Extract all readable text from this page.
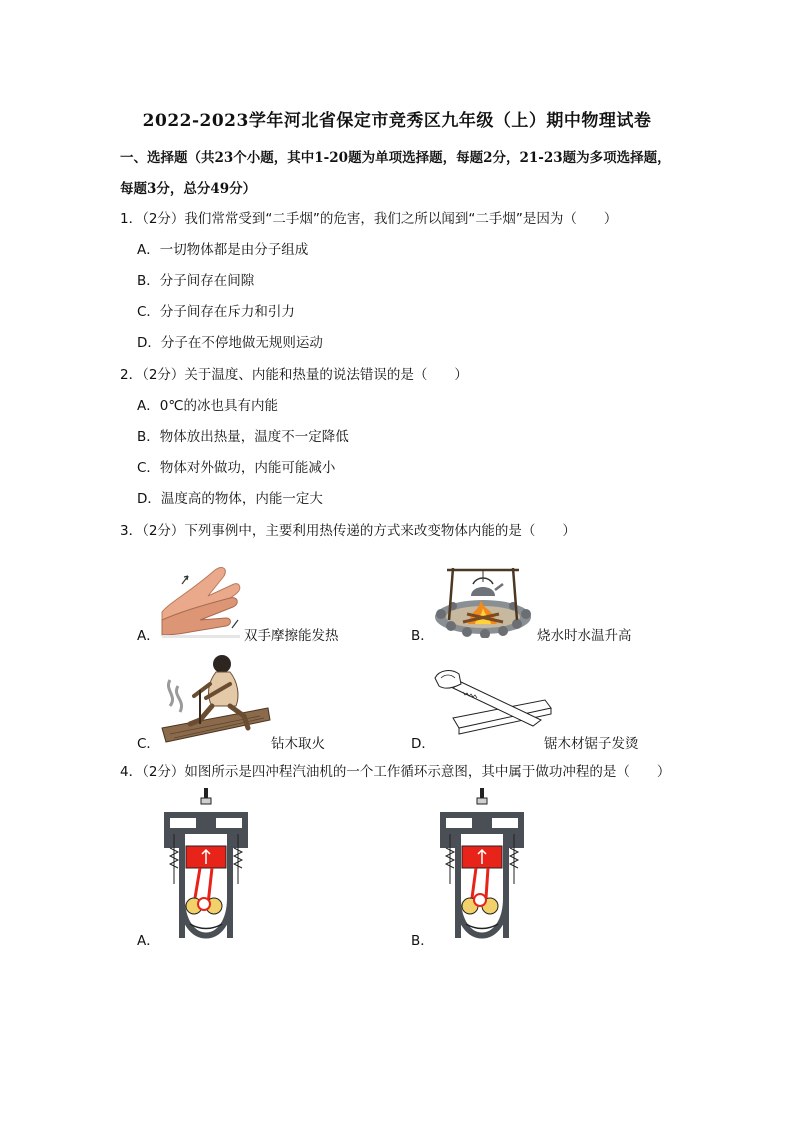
2022-2023学年河北省保定市竞秀区九年级（上）期中物理试卷
一、选择题（共23个小题，其中1-20题为单项选择题，每题2分，21-23题为多项选择题，
每题3分，总分49分）
1．（2分）我们常常受到“二手烟”的危害，我们之所以闻到“二手烟”是因为（　　）
A．一切物体都是由分子组成
B．分子间存在间隙
C．分子间存在斥力和引力
D．分子在不停地做无规则运动
2．（2分）关于温度、内能和热量的说法错误的是（　　）
A．0℃的冰也具有内能
B．物体放出热量，温度不一定降低
C．物体对外做功，内能可能减小
D．温度高的物体，内能一定大
3．（2分）下列事例中，主要利用热传递的方式来改变物体内能的是（　　）
A．	双手摩擦能发热	B．	烧水时水温升高
C．	钻木取火	D．	锯木材锯子发烫
4．（2分）如图所示是四冲程汽油机的一个工作循环示意图，其中属于做功冲程的是（　　）
A．	B．
